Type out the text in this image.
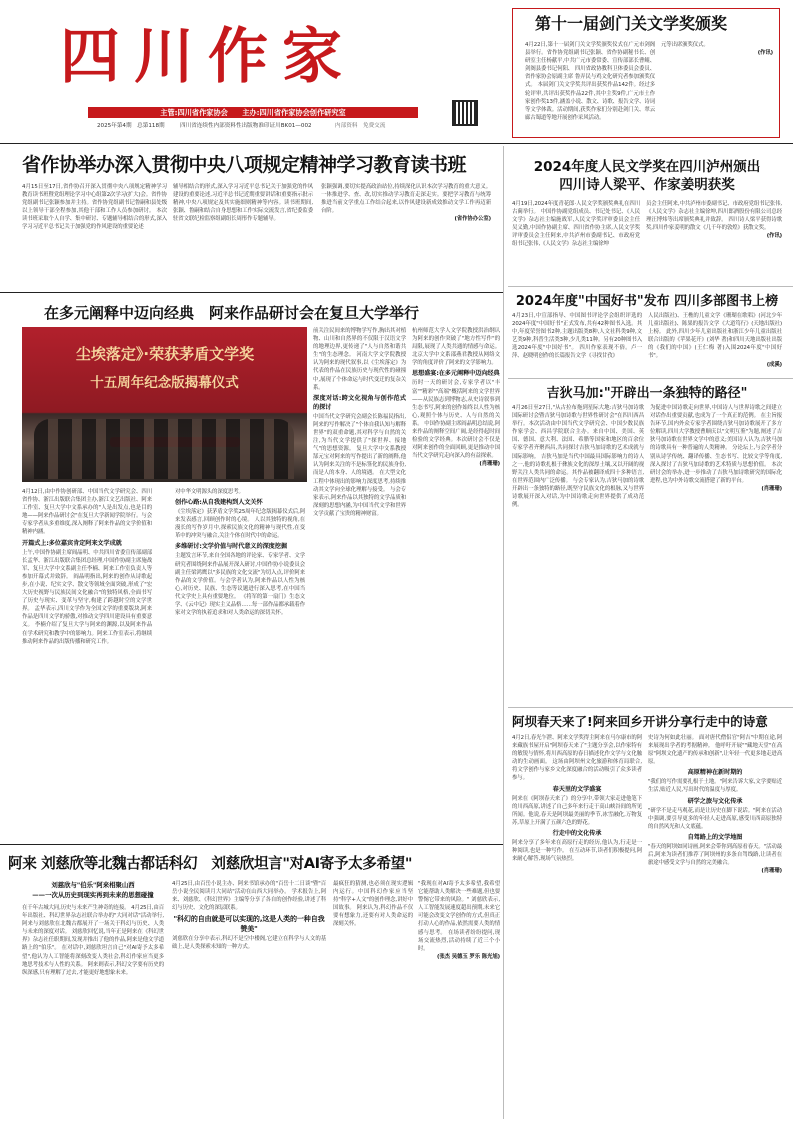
四川作家
主管:四川省作家协会　　主办:四川省作家协会创作研究室
2025年第4期　总第118期	四川省连续性内部资料性出版物准印证川BK01—002	内部资料　免费交流
第十一届剑门关文学奖颁奖
4月22日,第十一届剑门关文学奖颁奖仪式在广元市剑阁县举行。省作协党组副书记张颖、省作协副秘书长、创研室主任杨献平,中共广元市委常委、宣传部部长曹鲲、剑阁县委书记何阳、 四川省政协教科卫体委员会委员、省作家协会原副主席 鲁弄民与鸡文化研究者参加颁奖仪式。 本届剑门关文学奖共评出获奖作品142件。经过多轮评审,共评出获奖作品22件,其中主奖9件,广元市土作家创作奖13件,涵盖小说、散文、诗歌、报告文学、诗词等文学体裁。活动期间,获奖作家们分别赴剑门关、翠云廊古蜀道等地开展创作采风活动。
元等出席颁奖仪式。
(作讯)
省作协举办深入贯彻中央八项规定精神学习教育读书班
4月15日至17日,省作协召开深入贯彻中央八项规定精神学习教育读书班暨党组理论学习中心组第2次学习(扩大)会。省作协党组副书记张颖参加并主持。省作协党组副书记鲁嗣和县处级以上领导干部全程参加,其他干部和工作人员参加研讨。 本次读书班采取个人自学、集中研讨、专题辅导相结合的形式,深入学习习近平总书记关于加强党的作风建设的重要论述
辅导相结合的形式,深入学习习近平总书记关于加强党的作风建设的重要论述,习近平总书记近期重要讲话和重要指示批示精神,中央八项规定及其实施细则精神等内容。读书班期间,张颖、鲁嗣和结合自身思想和工作实际交流发言,省纪委监委驻省文联纪检监察组副组长周彤作专题辅导。
张颖强调,要切实提高政治站位,持续深化认识本次学习教育的重大意义。一体推进学、查、改,切实推动学习教育走深走实。要把学习教育与统筹推进当前文学重点工作结合起来,以作风建设新成效推动文学工作再迈新台阶。
(省作协办公室)
2024年度人民文学奖在四川泸州颁出
四川诗人梁平、作家姜明获奖
4月19日,2024年度青花郎·人民文学奖颁奖典礼在四川古蔺举行。 中国作协副党组成员、书记处书记、《人民文学》杂志社主编施战军,人民文学奖评审委员会主任吴义勤,中国作协副主席、四川省作协主席,人民文学奖评审委员会主任阿来,中共泸州市委副书记、市政府党组书记张伟,《人民文学》杂志社主编徐坤
员会主任阿来,中共泸州市委副书记、市政府党组书记张伟,《人民文学》杂志社主编徐坤,四川郎酒股份有限公司总经理汪博炜等出席颁奖典礼并致辞。 四川诗人梁平获得诗歌奖,四川作家姜明的散文《几千年的敦煌》获散文奖。
(作讯)
2024年度"中国好书"发布 四川多部图书上榜
4月23日,中宣部指导、中国图书评论学会组织评选的2024年度"中国好书"正式发布,共有42种图书入选。其中,年度荣誉图书2种,主题出版类8种,人文社科类9种,文艺类9种,科普生活类3种,少儿类11种。另有20种图书入选2024年度"中国好书"。 四川作家表现不俗。卢一萍、赵晓明创作的长篇报告文学《寻找甘孜》
人民出版社)、王樵的儿童文学《珊瑚在歌唱》(河北少年儿童出版社)、陈果的报告文学《大道笃行》(天地出版社)上榜。 此外,四川少年儿童出版社和浙江少年儿童出版社联合出版的《苹果花开》(刘华 著)和四川天地出版社出版的《我们的中国》(王仁梅 著)入围2024年度"中国好书"。
(成溪)
在多元阐释中迈向经典　阿来作品研讨会在复旦大学举行
尘埃落定》·荣获茅盾文学奖
十五周年纪念版揭幕仪式
4月12日,由中作协创研部、中国当代文学研究会、四川省作协、浙江出版联合集团主办,浙江文艺出版社、阿来工作室、复旦大学中文系承办的"人是出发点,也是目的地——阿来作品研讨会"在复旦大学新闻学院举行。与会专家学者从多重维度,深入阐释了阿来作品的文学价值和精神内涵。
开篇式上:多位嘉宾肯定阿来文学成就
上午,中国作协副主席阎晶明、中共四川省委宣传部副部长孟华、浙江出版联合集团总经理,中国作协副主席施战军、复旦大学中文系副主任李楠、阿来工作室负责人等参加开幕式并致辞。 阎晶明指出,阿来的创作从诗歌起步,在小说、纪实文学、散文等领域全面突破,形成了"宏大历史视野与民族民间文化融合"的独特风格,全面书写了历史与现实、变革与坚守,构建了跨越时空的文学世界。 孟华表示,四川文学作为全国文学的重要版块,阿来作品是四川文学的骄傲,对推动文学四川建设具有重要意义。 李楠介绍了复旦大学与阿来的渊源,以及阿来作品在学术研究和教学中的影响力。阿来工作室表示,将继续推动阿来作品的出版传播和研究工作。
对中华文明源头的深度思考。
创作心路:从自我建构到人文关怀
《尘埃落定》获茅盾文学奖25周年纪念版揭幕仪式后,阿来发表感言,回顾创作时的心境。 人以其独特的视角,在漫长的写作岁月中,探索民族文化的精神与现代性,在变革中的冲突与融合,关注个体在时代中的命运。
多维研讨:文学价值与时代意义的深度挖掘
主题发言环节,来自全国各地的评论家、专家学者、文学研究者围绕阿来作品展开深入研讨,中国作协小说委员会副主任梁鸿鹰以"多民族的文化交流"为切入点,评价阿来作品的文学价值。与会学者认为,阿来作品以人性为核心,对历史、民族、生态等议题进行深入思考,在中国当代文学史上具有重要地位。 《将军的第一扇门》生态文学、《云中记》现实主义品格……每一部作品都承载着作家对文学的执着追求和对人类命运的深切关怀。
前关注民间来的博物学写作,胸出其对植物、山川和自然界的不仅限于汉语文学的地理边界,更传递了"人与自然和谐共生"的生态理念。 河南大学文学院教授认为阿来的现代叙事,以《尘埃落定》为代表的作品在民族历史与现代性的碰撞中,展现了个体命运与时代变迁的复杂关系。
深度对话:跨文化视角与创作范式的探讨
中国当代文学研究会副会长陈福民指出,阿来的写作解决了"个体自我认知与解释世界"的双重命题,其对科学与自然的关注,为当代文学提供了"探世界、接地气"的思想资源。 复旦大学中文系教授郜元宝对阿来的写作提出了新的阐释,他认为阿来关注的不是标签化的民族身份,而是人的本身、人的境遇。 在大型文化工程中体现出的影响力深度思考,持续推动其文学向全球化理解与接受。 与会专家表示,阿来作品以其独特的文学品质和深刻的思想内涵,为中国当代文学和世界文学贡献了宝贵的精神财富。
杭州师范大学人文学院教授洪治纲认为阿来的创作突破了"地方性写作"的局限,展现了人类共通的情感与命运。北京大学中文系邵燕君教授从网络文学的角度评价了阿来的文学影响力。
思想盛宴:在多元阐释中迈向经典
历时一天的研讨会,专家学者以"丰富""精彩""高端"概括阿来的文学世界——从民族志到博物志,从史诗叙事到生态书写,阿来的创作始终以人性为核心,观照个体与历史、人与自然的关系。 中国作协副主席阎晶明总结说,阿来作品的阐释空间广阔,是经得起时间检验的文学经典。本次研讨会不仅是对阿来创作的全面回顾,更是推动中国当代文学研究走向深入的有益探索。
(肖珊珊)
吉狄马加:"开辟出一条独特的路径"
4月26日至27日,"从古拉布拖到星际大地:吉狄马加诗歌国际研讨会暨吉狄马加诗歌与世界性研讨会"在四川西昌举行。本次活动由中国当代文学研究会、中国少数民族作家学会、西昌学院联合主办。来自中国、美国、英国、德国、意大利、法国、希腊等国家和地区的百余位专家学者齐聚西昌,共同探讨吉狄马加诗歌的艺术成就与国际影响。 吉狄马加是当代中国最具国际影响力的诗人之一,他的诗歌扎根于彝族文化的深厚土壤,又以开阔的视野关注人类共同的命运。其作品被翻译成四十多种语言,在世界范围内广泛传播。 与会专家认为,吉狄马加的诗歌开辟出一条独特的路径,既坚守民族文化的根脉,又与世界诗歌展开深入对话,为中国诗歌走向世界提供了成功范例。
为促进中国诗歌走向世界,中国诗人与世界诗歌之间建立对话作出重要贡献,也成为了一个真正的范例。 在主旨报告环节,国内外众专家学者围绕吉狄马加诗歌展开了多方位解读,四川大学教授曹顺庆以"文明互鉴"为题,阐述了吉狄马加诗歌在世界文学中的意义;美国诗人认为,吉狄马加的诗歌具有一种普遍的人类精神。 分论坛上,与会学者分别从诗学传统、翻译传播、生态书写、比较文学等角度,深入探讨了吉狄马加诗歌的艺术特质与思想价值。 本次研讨会的举办,进一步推动了吉狄马加诗歌研究的国际化进程,也为中外诗歌交流搭建了新的平台。
(肖珊珊)
阿坝春天来了!阿来回乡开讲分享行走中的诗意
4月2日,春光乍泄、阿来文学奖得主阿来在马尔康市的阿来藏族书屋开启"阿坝春天来了"主题分享会,以作家特有的敏锐与情怀,将川西高原的春日描述化作文学与文化触动的生动画面。 这场由阿坝州文化旅游和体育局联合,将文学创作与家乡文化深度融合的活动吸引了众多读者参与。
春天里的文学盛宴
阿来在《阿坝春天来了》的分享中,带领大家走进他笔下的川西高原,讲述了自己多年来行走于高山峡谷间的所见所闻。他说,春天是阿坝最美丽的季节,冰雪融化,万物复苏,草原上开满了五颜六色的野花。
行走中的文化传承
阿来分享了多年来在高原行走的经历,他认为,行走是一种阅读,也是一种写作。 在互动环节,读者们积极提问,阿来耐心解答,现场气氛热烈。
史诗为何如此壮丽。 面对唐代僧侣官"阿吉"中期在途,阿来展现出学者的考据精神。 他呼吁开展""藏地天堂"在高原"阿坝文化遗产的传承和创新",让年轻一代更多地走进高原。
高原精神在新时期的
"我们的写作需要扎根于土地。"阿来告诉大家,文学要贴近生活,贴近人民,写出时代的温度与厚度。
研学之旅与文化传承
"研学不是走马观花,而是让历史在脚下说话。"阿来在活动中强调,要引导更多的年轻人走进高原,感受川西高原独特的自然风光和人文底蕴。
自驾路上的文学地图
"春天的阿坝如同诗画,阿来会带你到高原看春天。"活动最后,阿来为读者们推荐了阿坝州的多条自驾线路,让读者在旅途中感受文学与自然的完美融合。
(肖珊珊)
阿来 刘慈欣等北魏古都话科幻　刘慈欣坦言"对AI寄予太多希望"
刘慈欣与"伯乐"阿来相聚山西
——一次从历史到现实再到未来的思想碰撞
在千年古城大同,历史与未来产生神奇的连接。 4月25日,由百年出版社、科幻世界杂志社联合举办的"大同对话"活动举行,阿来与刘慈欣在北魏古都展开了一场关于科幻与历史、人类与未来的深度对话。 刘慈欣回忆说,当年正是阿来在《科幻世界》杂志社任职期间,发现并推出了他的作品,阿来是他文学道路上的"伯乐"。 在对话中,刘慈欣坦言自己"对AI寄予太多希望",他认为人工智能将深刻改变人类社会,科幻作家应当更多地思考技术与人性的关系。 阿来则表示,科幻文学要有历史的纵深感,只有理解了过去,才能更好地想象未来。
4月25日,由百岳小说主办、阿来书馆承办的"百岳十二日谈"暨"百岳小说全民阅读月大同站"活动在山西大同举办。 学术报告上,阿来、刘慈欣、《科幻世界》主编等分享了各自的创作经验,讲述了科幻与历史、文化的深层联系。
"科幻的自由就是可以实现的,这是人类的一种自我赞美"
刘慈欣在分享中表示,科幻不是空中楼阁,它建立在科学与人文的基础上,是人类探索未知的一种方式。
最疯狂的猜测,也必须在现实逻辑内运行。中国科幻作家应当坚持"科学+人文"的创作理念,讲好中国故事。 阿来认为,科幻作品不仅要有想象力,还要有对人类命运的深刻关怀。
"我现在对AI寄予太多希望,我希望它能帮助人类解决一些难题,但也要警惕它带来的风险。" 刘慈欣表示,人工智能发展速度超出预期,未来它可能会改变文学创作的方式,但真正打动人心的作品,依然需要人类的情感与思考。 在场读者纷纷提问,现场交流热烈,活动持续了近三个小时。
(张杰 吴德玉 罗乐 陈光旭)
